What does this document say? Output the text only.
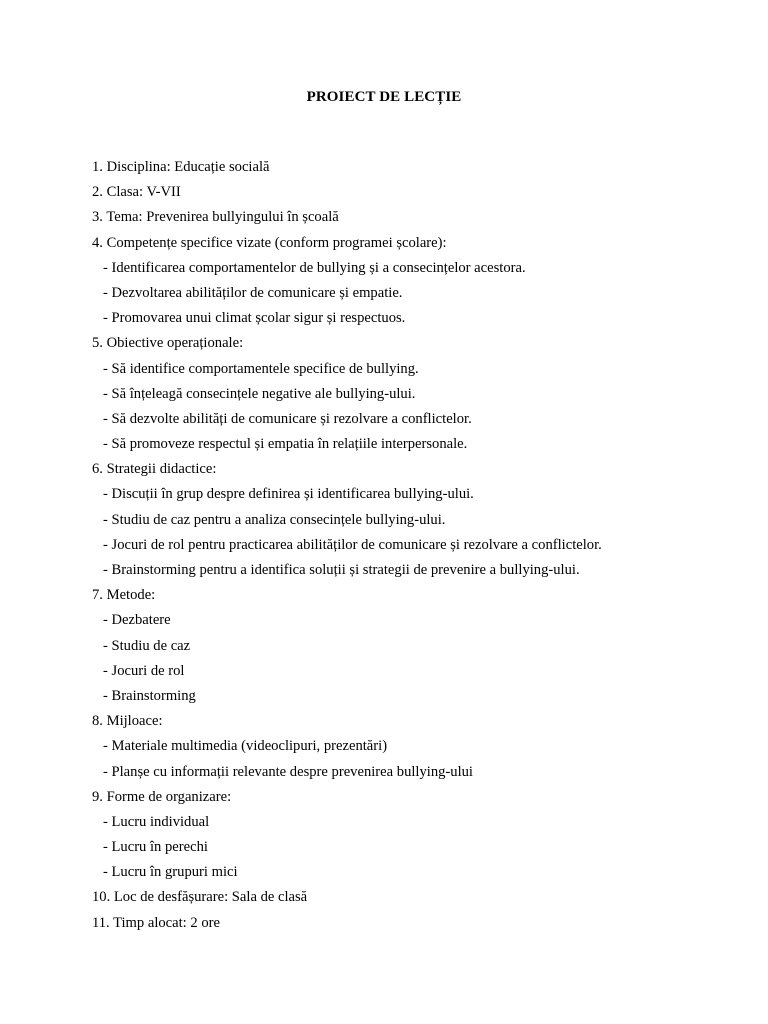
PROIECT DE LECȚIE
1. Disciplina: Educație socială
2. Clasa: V-VII
3. Tema: Prevenirea bullyingului în școală
4. Competențe specifice vizate (conform programei școlare):
- Identificarea comportamentelor de bullying și a consecințelor acestora.
- Dezvoltarea abilităților de comunicare și empatie.
- Promovarea unui climat școlar sigur și respectuos.
5. Obiective operaționale:
- Să identifice comportamentele specifice de bullying.
- Să înțeleagă consecințele negative ale bullying-ului.
- Să dezvolte abilități de comunicare și rezolvare a conflictelor.
- Să promoveze respectul și empatia în relațiile interpersonale.
6. Strategii didactice:
- Discuții în grup despre definirea și identificarea bullying-ului.
- Studiu de caz pentru a analiza consecințele bullying-ului.
- Jocuri de rol pentru practicarea abilităților de comunicare și rezolvare a conflictelor.
- Brainstorming pentru a identifica soluții și strategii de prevenire a bullying-ului.
7. Metode:
- Dezbatere
- Studiu de caz
- Jocuri de rol
- Brainstorming
8. Mijloace:
- Materiale multimedia (videoclipuri, prezentări)
- Planșe cu informații relevante despre prevenirea bullying-ului
9. Forme de organizare:
- Lucru individual
- Lucru în perechi
- Lucru în grupuri mici
10. Loc de desfășurare: Sala de clasă
11. Timp alocat: 2 ore
